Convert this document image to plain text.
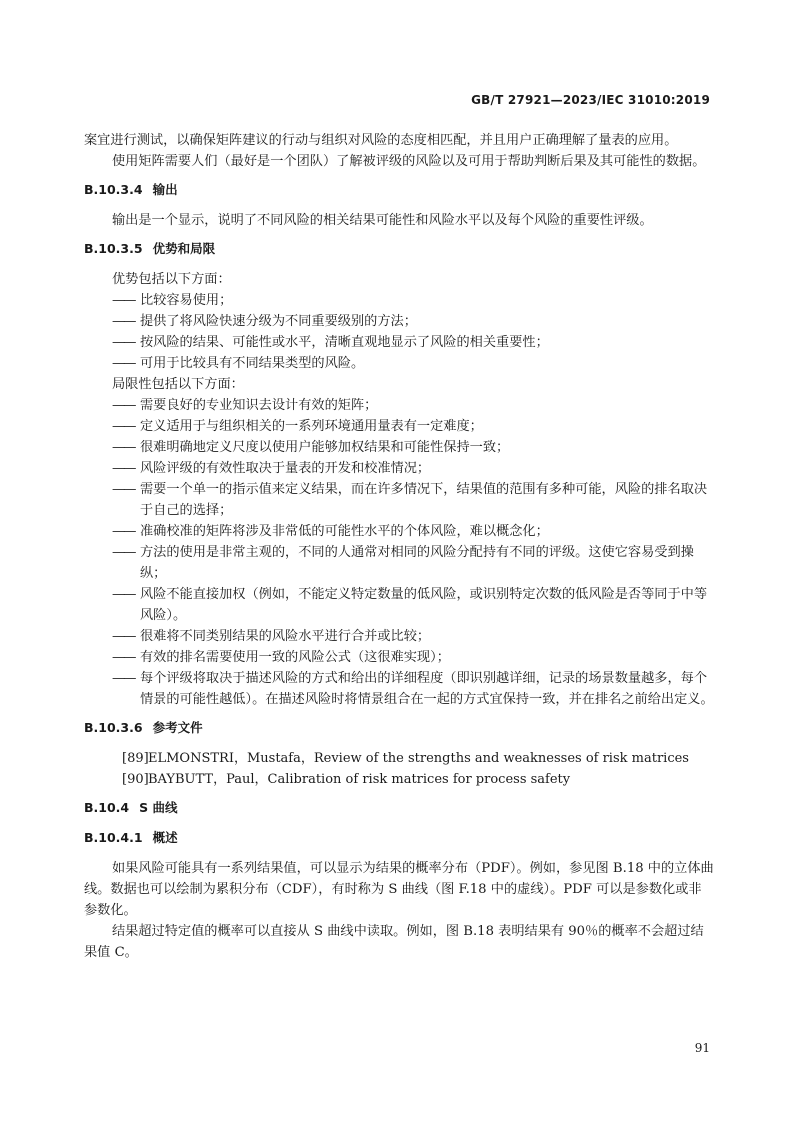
GB/T 27921—2023/IEC 31010:2019

案宜进行测试，以确保矩阵建议的行动与组织对风险的态度相匹配，并且用户正确理解了量表的应用。

使用矩阵需要人们（最好是一个团队）了解被评级的风险以及可用于帮助判断后果及其可能性的数据。

B.10.3.4 输出

输出是一个显示，说明了不同风险的相关结果可能性和风险水平以及每个风险的重要性评级。

B.10.3.5 优势和局限

优势包括以下方面：

—— 比较容易使用；

—— 提供了将风险快速分级为不同重要级别的方法；

—— 按风险的结果、可能性或水平，清晰直观地显示了风险的相关重要性；

—— 可用于比较具有不同结果类型的风险。

局限性包括以下方面：

—— 需要良好的专业知识去设计有效的矩阵；

—— 定义适用于与组织相关的一系列环境通用量表有一定难度；

—— 很难明确地定义尺度以使用户能够加权结果和可能性保持一致；

—— 风险评级的有效性取决于量表的开发和校准情况；

—— 需要一个单一的指示值来定义结果，而在许多情况下，结果值的范围有多种可能，风险的排名取决于自己的选择；

—— 准确校准的矩阵将涉及非常低的可能性水平的个体风险，难以概念化；

—— 方法的使用是非常主观的，不同的人通常对相同的风险分配持有不同的评级。这使它容易受到操纵；

—— 风险不能直接加权（例如，不能定义特定数量的低风险，或识别特定次数的低风险是否等同于中等风险）。

—— 很难将不同类别结果的风险水平进行合并或比较；

—— 有效的排名需要使用一致的风险公式（这很难实现）；

—— 每个评级将取决于描述风险的方式和给出的详细程度（即识别越详细，记录的场景数量越多，每个情景的可能性越低）。在描述风险时将情景组合在一起的方式宜保持一致，并在排名之前给出定义。

B.10.3.6 参考文件

[89] ELMONSTRI，Mustafa，Review of the strengths and weaknesses of risk matrices

[90] BAYBUTT，Paul，Calibration of risk matrices for process safety

B.10.4 S 曲线
B.10.4.1 概述

如果风险可能具有一系列结果值，可以显示为结果的概率分布（PDF）。例如，参见图 B.18 中的立体曲线。数据也可以绘制为累积分布（CDF），有时称为 S 曲线（图 F.18 中的虚线）。PDF 可以是参数化或非参数化。

结果超过特定值的概率可以直接从 S 曲线中读取。例如，图 B.18 表明结果有 90％的概率不会超过结果值 C。

91
